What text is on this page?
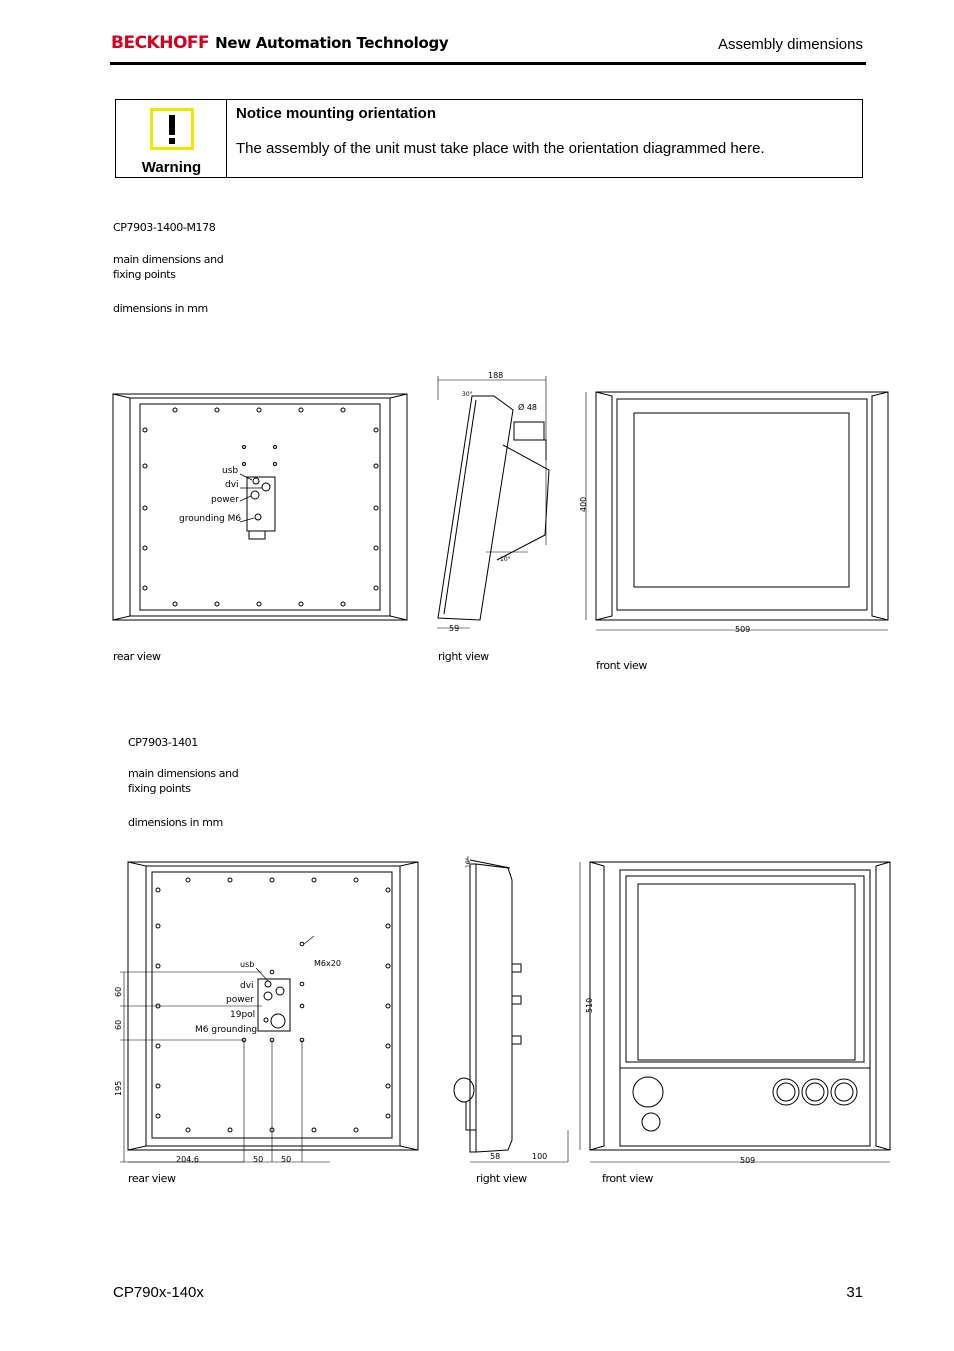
BECKHOFF New Automation Technology	Assembly dimensions
Warning
Notice mounting orientation
The assembly of the unit must take place with the orientation diagrammed here.
CP7903-1400-M178
main dimensions and
fixing points
dimensions in mm
usb
dvi
power
grounding M6
188
30°
Ø 48
400
10°
59	509
rear view	right view
front view
CP7903-1401
main dimensions and
fixing points
dimensions in mm
usb
dvi
power
19pol
M6 grounding
M6x20
60
60
195
204.6	50 50
10°
58	100
510
509
rear view	right view	front view
CP790x-140x	31
